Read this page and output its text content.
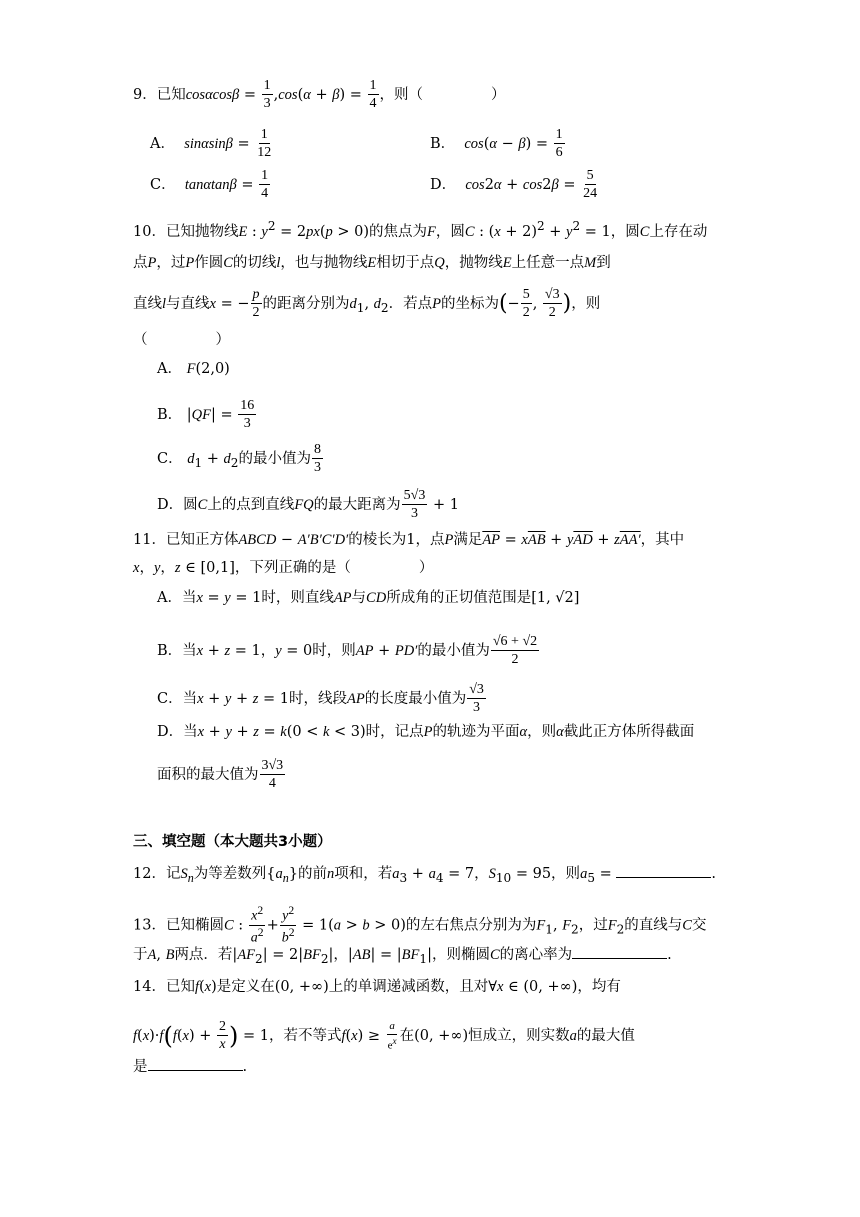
9．已知$\cos\alpha\cos\beta = \frac{1}{3} ,\cos(\alpha + \beta) = \frac{1}{4}$ ，则（	）
A．  $\sin\alpha\sin\beta = \frac{1}{12}$	B．  $\cos(\alpha - \beta) = \frac{1}{6}$
C．  $\tan\alpha\tan\beta = \frac{1}{4}$	D．  $\cos 2\alpha + \cos 2\beta = \frac{5}{24}$
10．已知抛物线E : $y^2 = 2px(p > 0)$的焦点为F，圆C : $(x + 2)^2 + y^2 = 1$，圆C上存在动
点P，过P作圆C的切线l，也与抛物线E相切于点Q，抛物线E上任意一点M到
直线l与直线x = − $\frac{p}{2}$ 的距离分别为$d_1$, $d_2$．若点P的坐标为(− $\frac{5}{2}$ , $\frac{√3}{2}$ )，则
（	）
A． F(2,0)
B． $|QF| = \frac{16}{3}$
C． $d_1 + d_2$的最小值为 $\frac{8}{3}$
D．圆C上的点到直线FQ的最大距离为 $\frac{5√3}{3} + 1$
11．已知正方体ABCD − A′B′C′D′的棱长为1，点P满足$\overline{AP} = x\overline{AB} + y\overline{AD} + zAA'$，其中
x，y，z ∈ [0,1]，下列正确的是（	）
A．当x = y = 1时，则直线AP与CD所成角的正切值范围是[1, √2]
B．当x + z = 1，y = 0时，则AP + PD′的最小值为 $\frac{√6 + √2}{2}$
C．当x + y + z = 1时，线段AP的长度最小值为 $\frac{√3}{3}$
D．当x + y + z = k(0 < k < 3)时，记点P的轨迹为平面α，则α截此正方体所得截面
面积的最大值为 $\frac{3√3}{4}$
三、填空题（本大题共3小题）
12．记$S_n$为等差数列$\{a_n\}$的前n项和，若$a_3 + a_4 = 7$，$S_{10} = 95$，则$a_5$ =	.
13．已知椭圆C : $\frac{x^2}{a^2} + \frac{y^2}{b^2} = 1(a > b > 0)$的左右焦点分别为为$F_1$, $F_2$，过$F_2$的直线与C交
于A, B两点．若$|AF_2| = 2|BF_2|$，$|AB| = |BF_1|$，则椭圆C的离心率为	.
14．已知f(x)是定义在(0, +∞)上的单调递减函数，且对∀x ∈ (0, +∞)，均有
$f(x)\cdot f(f(x) + \frac{2}{x}$ ) = 1，若不等式$f(x) \ge \frac{a}{e^x}$ 在(0, +∞)恒成立，则实数a的最大值
是	.
